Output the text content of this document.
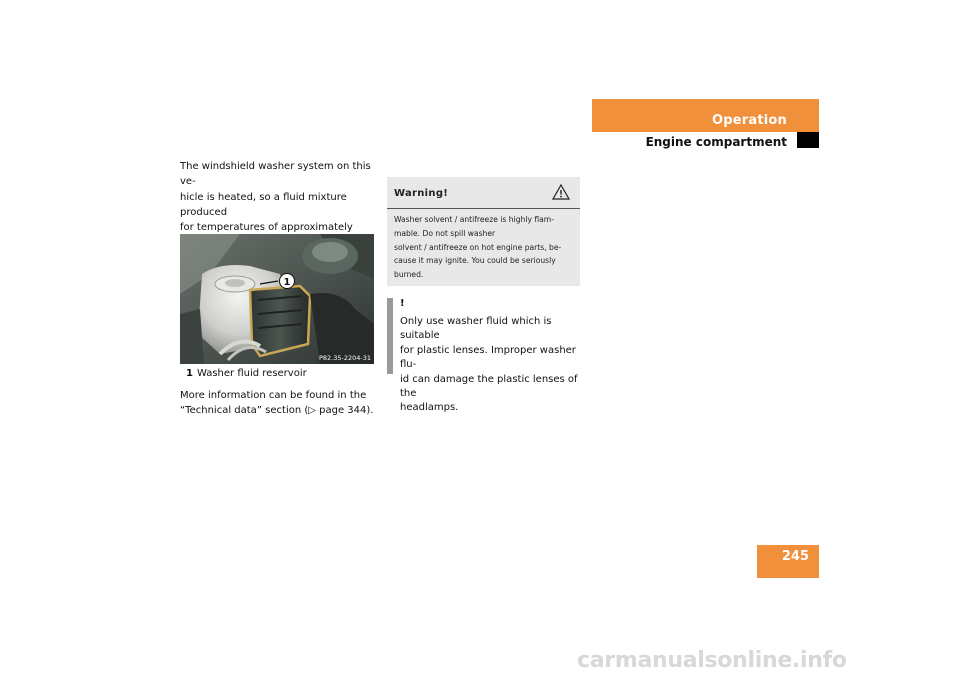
Operation
Engine compartment

The windshield washer system on this ve-

hicle is heated, so a fluid mixture produced

for temperatures of approximately

1
P82.35-2204-31
1 Washer fluid reservoir
More information can be found in the
“Technical data” section (▷ page 344).
Warning!
Washer solvent / antifreeze is highly flam-
mable. Do not spill washer
solvent / antifreeze on hot engine parts, be-
cause it may ignite. You could be seriously
burned.
!
Only use washer fluid which is suitable
for plastic lenses. Improper washer flu-
id can damage the plastic lenses of the
headlamps.
245
carmanualsonline.info
